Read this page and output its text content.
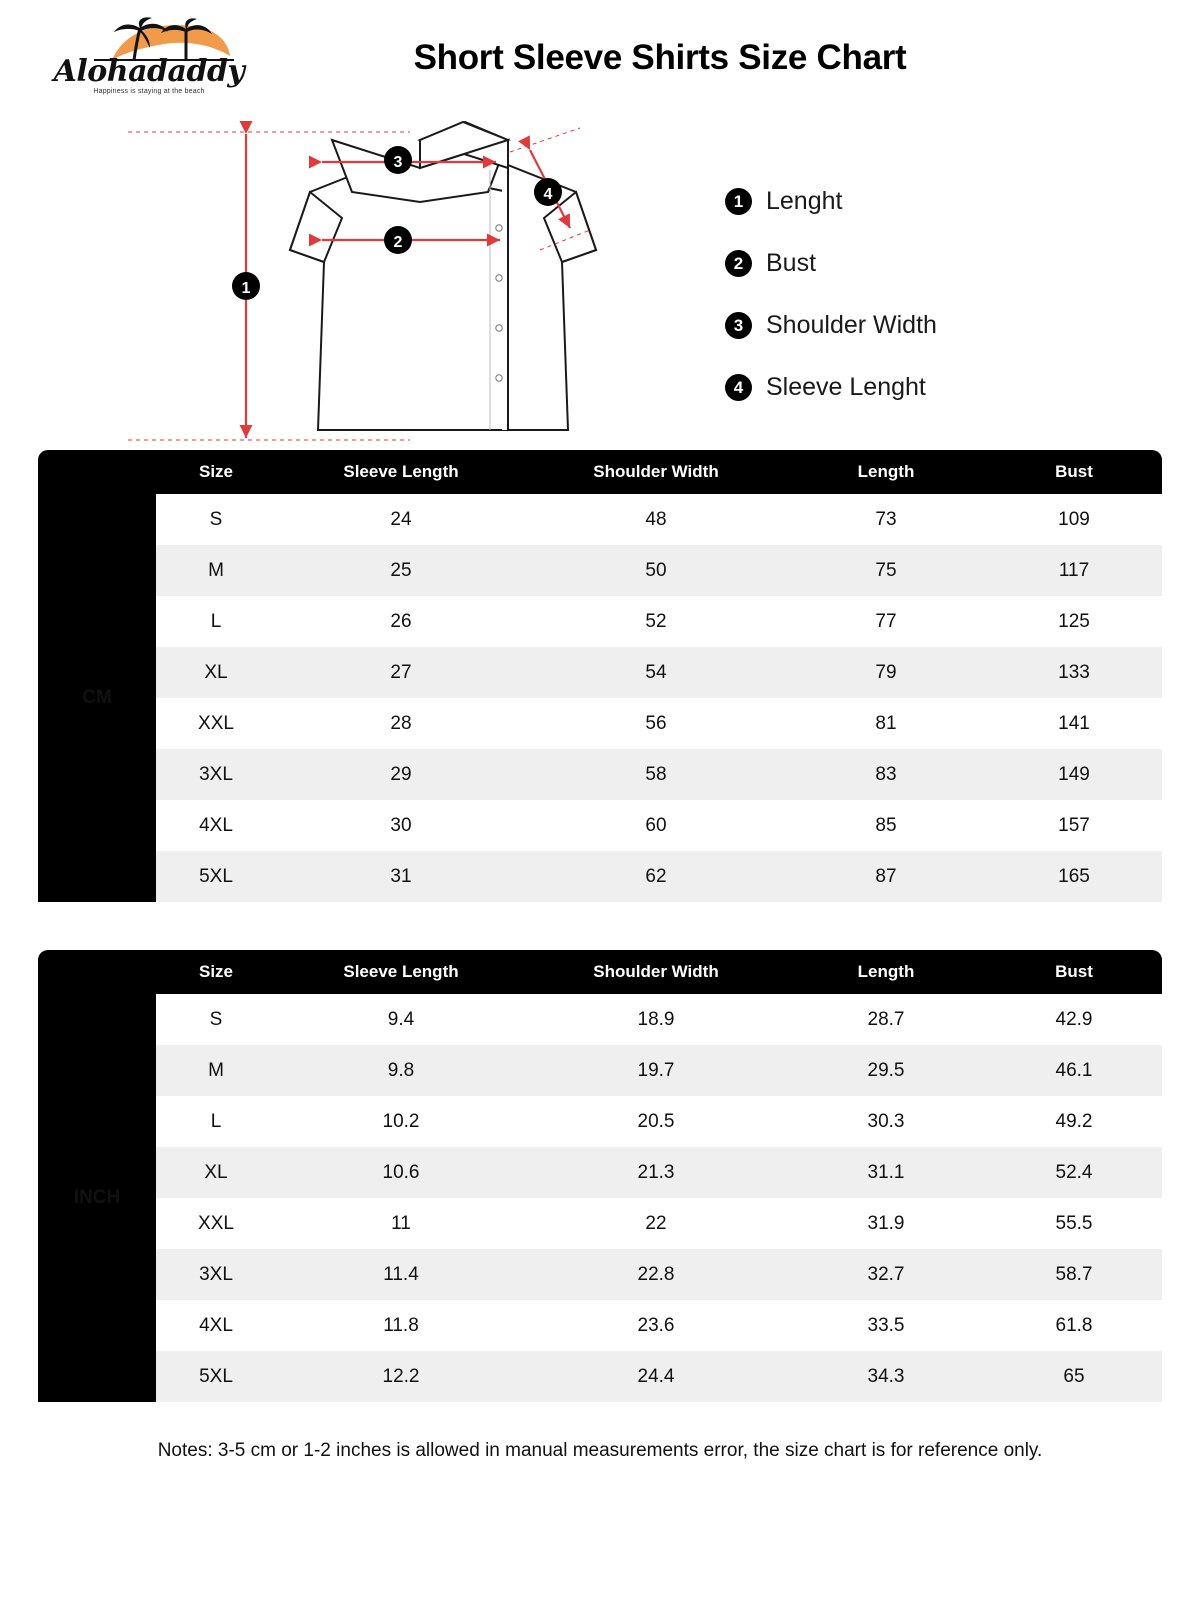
Alohadaddy
Happiness is staying at the beach
Short Sleeve Shirts Size Chart
1
2
3
4	1 Lenght
2 Bust
3 Shoulder Width
4 Sleeve Lenght
	Size	Sleeve Length	Shoulder Width	Length	Bust
CM	S	24	48	73	109
	M	25	50	75	117
	L	26	52	77	125
	XL	27	54	79	133
	XXL	28	56	81	141
	3XL	29	58	83	149
	4XL	30	60	85	157
	5XL	31	62	87	165
	Size	Sleeve Length	Shoulder Width	Length	Bust
INCH	S	9.4	18.9	28.7	42.9
	M	9.8	19.7	29.5	46.1
	L	10.2	20.5	30.3	49.2
	XL	10.6	21.3	31.1	52.4
	XXL	11	22	31.9	55.5
	3XL	11.4	22.8	32.7	58.7
	4XL	11.8	23.6	33.5	61.8
	5XL	12.2	24.4	34.3	65
Notes: 3-5 cm or 1-2 inches is allowed in manual measurements error, the size chart is for reference only.
